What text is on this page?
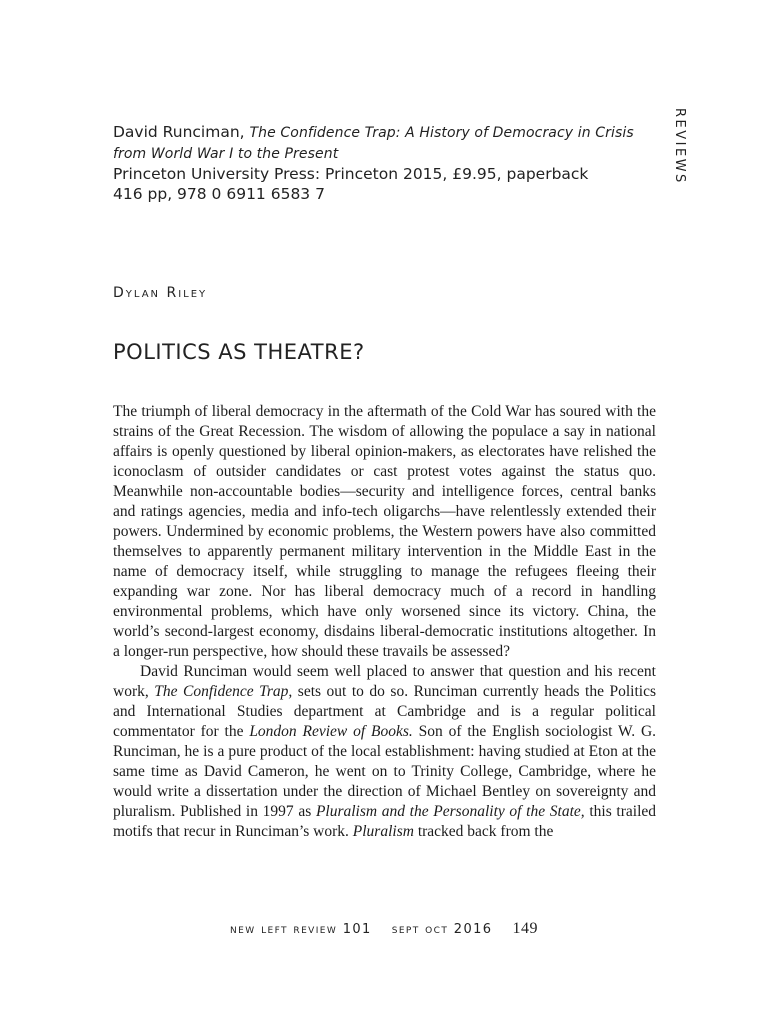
REVIEWS
David Runciman, The Confidence Trap: A History of Democracy in Crisis
from World War I to the Present
Princeton University Press: Princeton 2015, £9.95, paperback
416 pp, 978 0 6911 6583 7
Dylan Riley
POLITICS AS THEATRE?

The triumph of liberal democracy in the aftermath of the Cold War has soured with the strains of the Great Recession. The wisdom of allowing the populace a say in national affairs is openly questioned by liberal opinion-makers, as electorates have relished the iconoclasm of outsider candidates or cast protest votes against the status quo. Meanwhile non-accountable bodies—security and intelligence forces, central banks and ratings agencies, media and info-tech oligarchs—have relentlessly extended their powers. Undermined by economic problems, the Western powers have also committed themselves to apparently permanent military intervention in the Middle East in the name of democracy itself, while struggling to manage the refugees fleeing their expanding war zone. Nor has liberal democracy much of a record in handling environmental problems, which have only worsened since its victory. China, the world’s second-largest economy, disdains liberal-democratic institutions altogether. In a longer-run perspective, how should these travails be assessed?

David Runciman would seem well placed to answer that question and his recent work, The Confidence Trap, sets out to do so. Runciman currently heads the Politics and International Studies department at Cambridge and is a regular political commentator for the London Review of Books. Son of the English sociologist W. G. Runciman, he is a pure product of the local establishment: having studied at Eton at the same time as David Cameron, he went on to Trinity College, Cambridge, where he would write a dissertation under the direction of Michael Bentley on sovereignty and pluralism. Published in 1997 as Pluralism and the Personality of the State, this trailed motifs that recur in Runciman’s work. Pluralism tracked back from the

new left review 101 sept oct 2016 149
